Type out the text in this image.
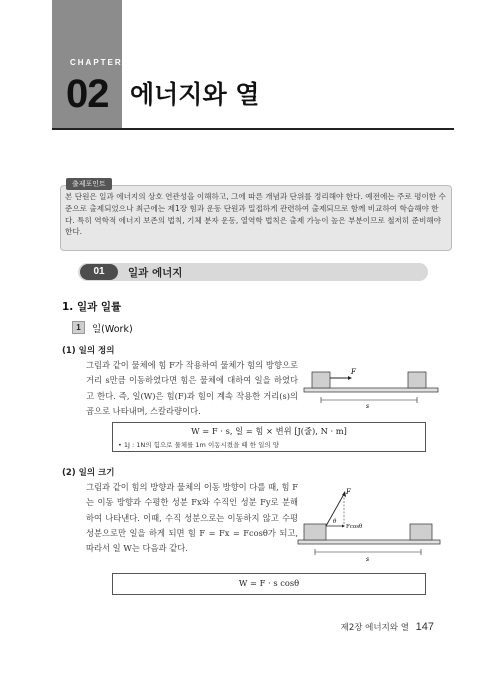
CHAPTER
02 에너지와 열
출제포인트
본 단원은 일과 에너지의 상호 연관성을 이해하고, 그에 따른 개념과 단위를 정리해야 한다. 예전에는 주로 평이한 수준으로 출제되었으나 최근에는 제1장 힘과 운동 단원과 밀접하게 관련하여 출제되므로 함께 비교하여 학습해야 한다. 특히 역학적 에너지 보존의 법칙, 기체 분자 운동, 열역학 법칙은 출제 가능이 높은 부분이므로 철저히 준비해야 한다.
01	일과 에너지
1. 일과 일률
1	일(Work)
(1) 일의 정의
그림과 같이 물체에 힘 F가 작용하여 물체가 힘의 방향으로 거리 s만큼 이동하였다면 힘은 물체에 대하여 일을 하였다고 한다. 즉, 일(W)은 힘(F)과 힘이 계속 작용한 거리(s)의 곱으로 나타내며, 스칼라량이다.
F
s
W = F · s, 일 = 힘 × 변위 [J(줄), N · m]
• 1J : 1N의 힘으로 물체를 1m 이동시켰을 때 한 일의 양
(2) 일의 크기
그림과 같이 힘의 방향과 물체의 이동 방향이 다를 때, 힘 F는 이동 방향과 수평한 성분 Fx와 수직인 성분 Fy로 분해하여 나타낸다. 이때, 수직 성분으로는 이동하지 않고 수평 성분으로만 일을 하게 되면 힘 F = Fx = Fcosθ가 되고, 따라서 일 W는 다음과 같다.
F
θ
Fcosθ
s
W = F · s cosθ
제2장 에너지와 열 147
